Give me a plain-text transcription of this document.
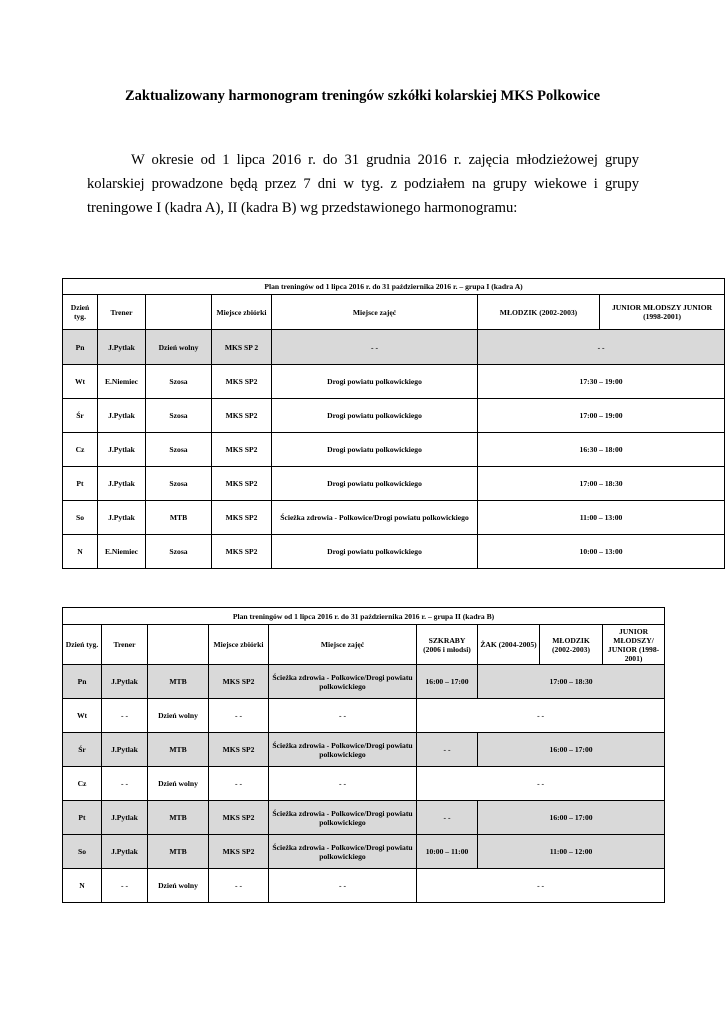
Zaktualizowany harmonogram treningów szkółki kolarskiej MKS Polkowice

W okresie od 1 lipca 2016 r. do 31 grudnia 2016 r. zajęcia młodzieżowej grupy kolarskiej prowadzone będą przez 7 dni w tyg. z podziałem na grupy wiekowe i grupy treningowe I (kadra A), II (kadra B) wg przedstawionego harmonogramu:

Plan treningów od 1 lipca 2016 r. do 31 października 2016 r. – grupa I (kadra A)						
Dzień tyg.	Trener		Miejsce zbiórki	Miejsce zajęć	MŁODZIK (2002-2003)	JUNIOR MŁODSZY JUNIOR (1998-2001)
Pn	J.Pytlak	Dzień wolny	MKS SP 2	- -	- -	
Wt	E.Niemiec	Szosa	MKS SP2	Drogi powiatu polkowickiego	17:30 – 19:00	
Śr	J.Pytlak	Szosa	MKS SP2	Drogi powiatu polkowickiego	17:00 – 19:00	
Cz	J.Pytlak	Szosa	MKS SP2	Drogi powiatu polkowickiego	16:30 – 18:00	
Pt	J.Pytlak	Szosa	MKS SP2	Drogi powiatu polkowickiego	17:00 – 18:30	
So	J.Pytlak	MTB	MKS SP2	Ścieżka zdrowia - Polkowice/Drogi powiatu polkowickiego	11:00 – 13:00	
N	E.Niemiec	Szosa	MKS SP2	Drogi powiatu polkowickiego	10:00 – 13:00	
Plan treningów od 1 lipca 2016 r. do 31 października 2016 r. – grupa II (kadra B)								
Dzień tyg.	Trener		Miejsce zbiórki	Miejsce zajęć	SZKRABY (2006 i młodsi)	ŻAK (2004-2005)	MŁODZIK (2002-2003)	JUNIOR MŁODSZY/ JUNIOR (1998-2001)
Pn	J.Pytlak	MTB	MKS SP2	Ścieżka zdrowia - Polkowice/Drogi powiatu polkowickiego	16:00 – 17:00	17:00 – 18:30		
Wt	- -	Dzień wolny	- -	- -	- -			
Śr	J.Pytlak	MTB	MKS SP2	Ścieżka zdrowia - Polkowice/Drogi powiatu polkowickiego	- -	16:00 – 17:00		
Cz	- -	Dzień wolny	- -	- -	- -			
Pt	J.Pytlak	MTB	MKS SP2	Ścieżka zdrowia - Polkowice/Drogi powiatu polkowickiego	- -	16:00 – 17:00		
So	J.Pytlak	MTB	MKS SP2	Ścieżka zdrowia - Polkowice/Drogi powiatu polkowickiego	10:00 – 11:00	11:00 – 12:00		
N	- -	Dzień wolny	- -	- -	- -			
